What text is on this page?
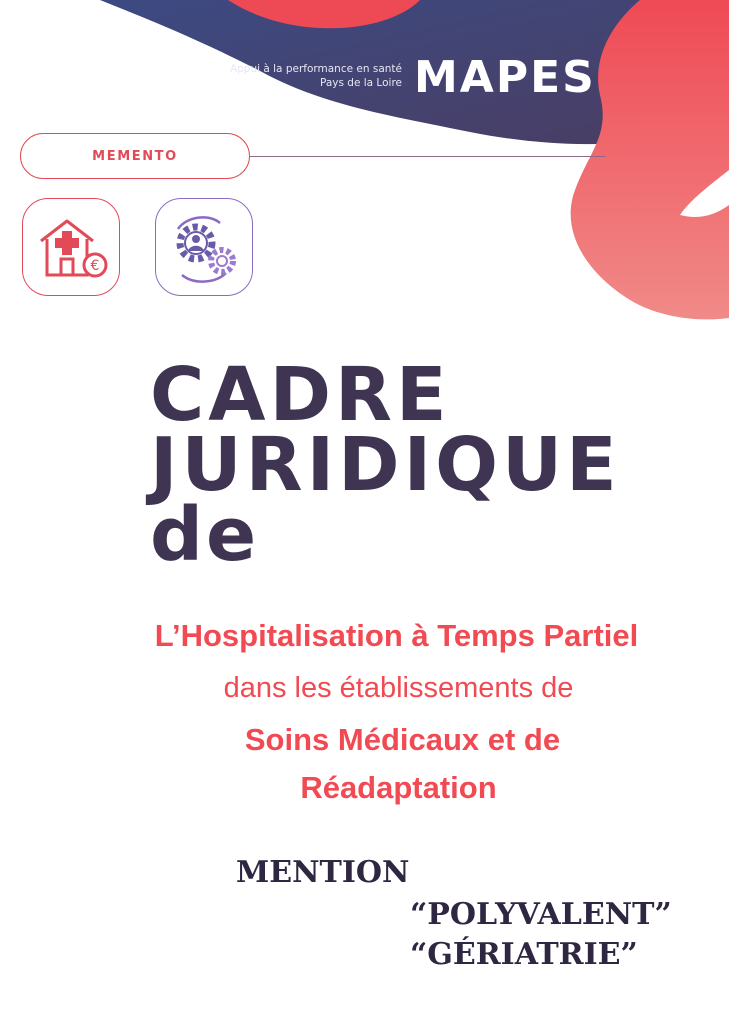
Appui à la performance en santé
Pays de la Loire MAPES
MEMENTO
€
CADRE
JURIDIQUE
de
L’Hospitalisation à Temps Partiel
dans les établissements de
Soins Médicaux et de
Réadaptation
MENTION
“POLYVALENT”
“GÉRIATRIE”
